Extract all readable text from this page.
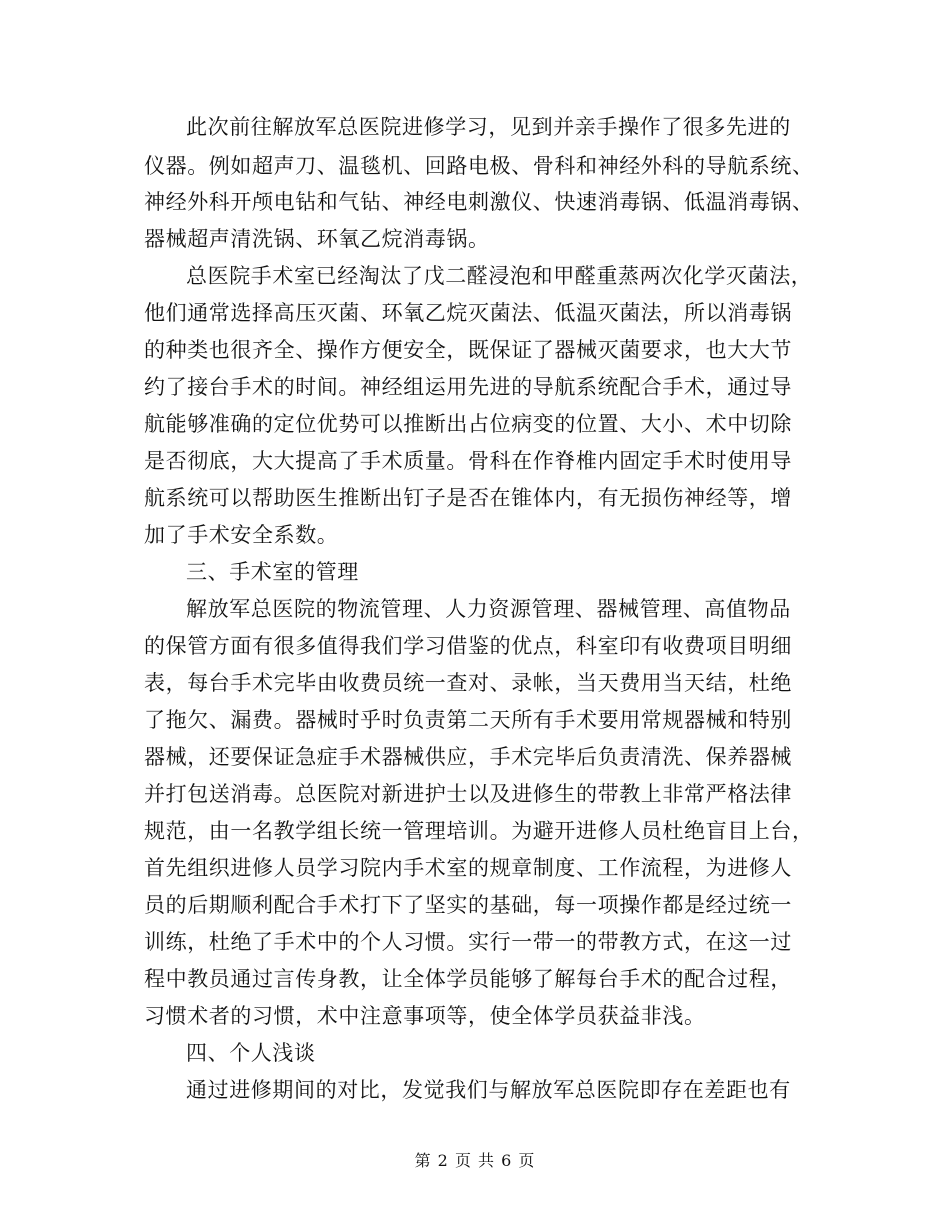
此次前往解放军总医院进修学习，见到并亲手操作了很多先进的
仪器。例如超声刀、温毯机、回路电极、骨科和神经外科的导航系统、
神经外科开颅电钻和气钻、神经电刺激仪、快速消毒锅、低温消毒锅、
器械超声清洗锅、环氧乙烷消毒锅。
总医院手术室已经淘汰了戊二醛浸泡和甲醛重蒸两次化学灭菌法，
他们通常选择高压灭菌、环氧乙烷灭菌法、低温灭菌法，所以消毒锅
的种类也很齐全、操作方便安全，既保证了器械灭菌要求，也大大节
约了接台手术的时间。神经组运用先进的导航系统配合手术，通过导
航能够准确的定位优势可以推断出占位病变的位置、大小、术中切除
是否彻底，大大提高了手术质量。骨科在作脊椎内固定手术时使用导
航系统可以帮助医生推断出钉子是否在锥体内，有无损伤神经等，增
加了手术安全系数。
三、手术室的管理
解放军总医院的物流管理、人力资源管理、器械管理、高值物品
的保管方面有很多值得我们学习借鉴的优点，科室印有收费项目明细
表，每台手术完毕由收费员统一查对、录帐，当天费用当天结，杜绝
了拖欠、漏费。器械时乎时负责第二天所有手术要用常规器械和特别
器械，还要保证急症手术器械供应，手术完毕后负责清洗、保养器械
并打包送消毒。总医院对新进护士以及进修生的带教上非常严格法律
规范，由一名教学组长统一管理培训。为避开进修人员杜绝盲目上台，
首先组织进修人员学习院内手术室的规章制度、工作流程，为进修人
员的后期顺利配合手术打下了坚实的基础，每一项操作都是经过统一
训练，杜绝了手术中的个人习惯。实行一带一的带教方式，在这一过
程中教员通过言传身教，让全体学员能够了解每台手术的配合过程，
习惯术者的习惯，术中注意事项等，使全体学员获益非浅。
四、个人浅谈
通过进修期间的对比，发觉我们与解放军总医院即存在差距也有
第 2 页 共 6 页
